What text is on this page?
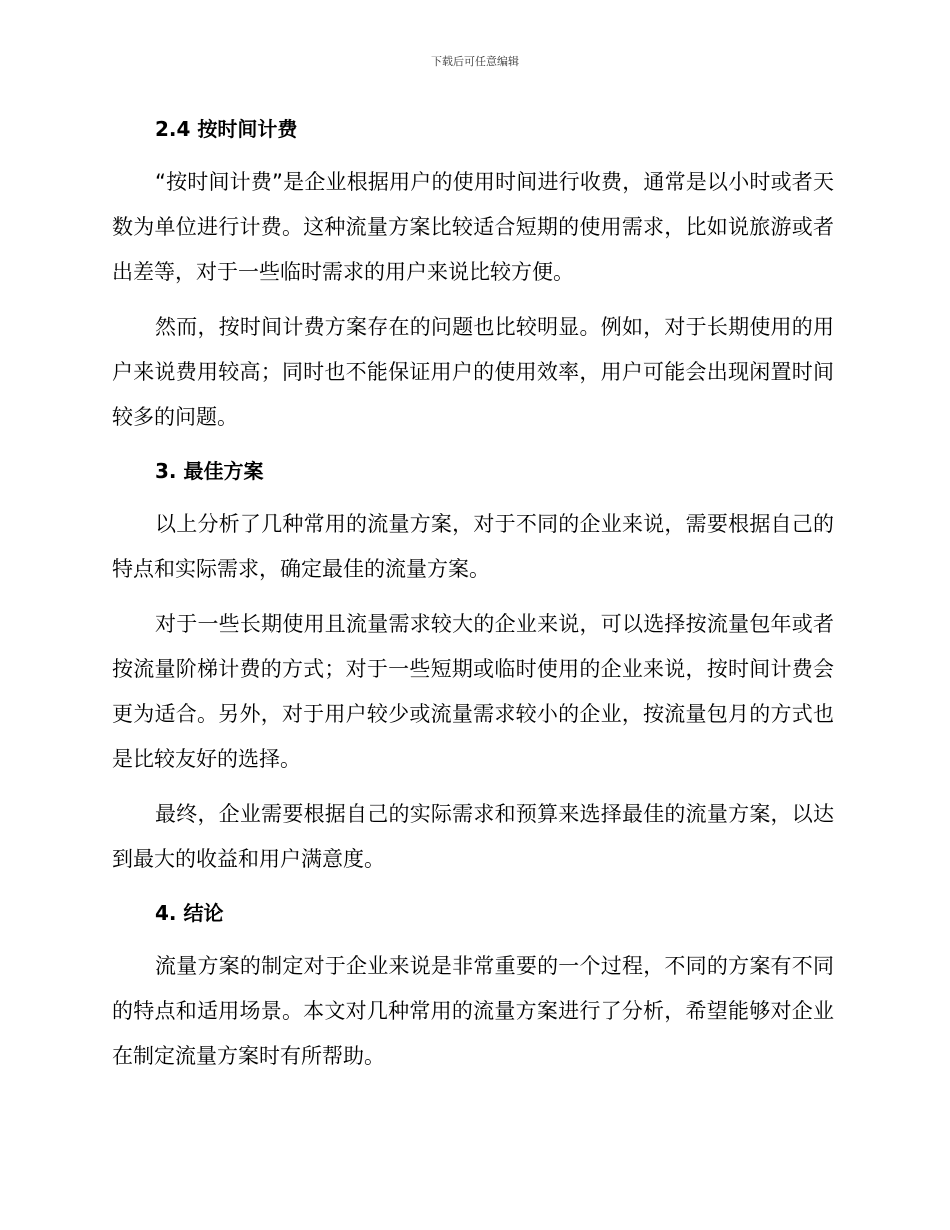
下载后可任意编辑
2.4 按时间计费

“按时间计费”是企业根据用户的使用时间进行收费，通常是以小时或者天数为单位进行计费。这种流量方案比较适合短期的使用需求，比如说旅游或者出差等，对于一些临时需求的用户来说比较方便。

然而，按时间计费方案存在的问题也比较明显。例如，对于长期使用的用户来说费用较高；同时也不能保证用户的使用效率，用户可能会出现闲置时间较多的问题。

3. 最佳方案

以上分析了几种常用的流量方案，对于不同的企业来说，需要根据自己的特点和实际需求，确定最佳的流量方案。

对于一些长期使用且流量需求较大的企业来说，可以选择按流量包年或者按流量阶梯计费的方式；对于一些短期或临时使用的企业来说，按时间计费会更为适合。另外，对于用户较少或流量需求较小的企业，按流量包月的方式也是比较友好的选择。

最终，企业需要根据自己的实际需求和预算来选择最佳的流量方案，以达到最大的收益和用户满意度。

4. 结论

流量方案的制定对于企业来说是非常重要的一个过程，不同的方案有不同的特点和适用场景。本文对几种常用的流量方案进行了分析，希望能够对企业在制定流量方案时有所帮助。
